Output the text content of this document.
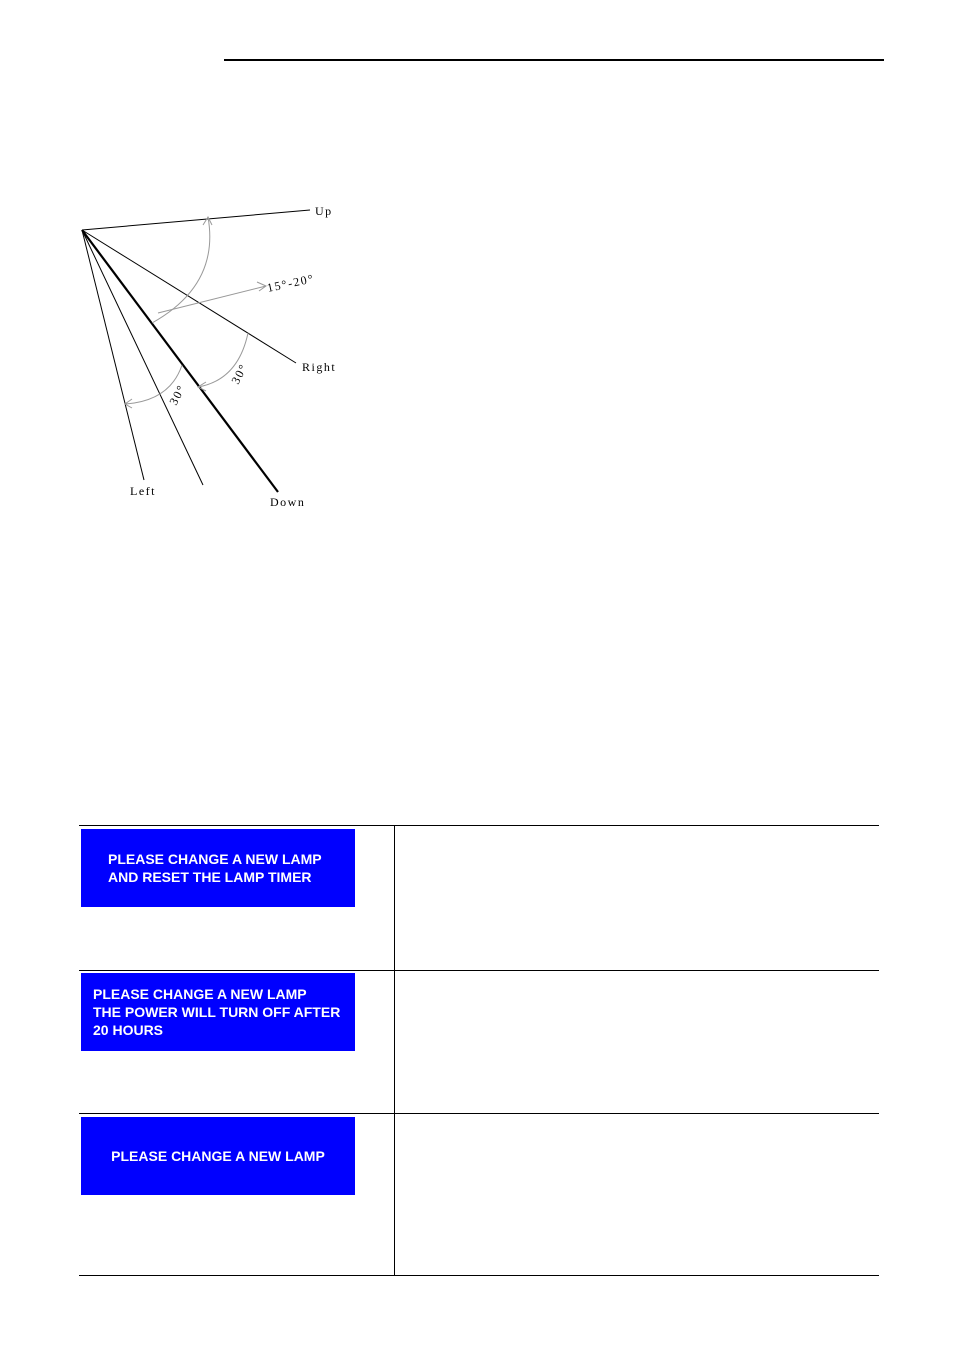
Up
Right
Left
Down
15°-20°
30°
30°
PLEASE CHANGE A NEW LAMP
AND RESET THE LAMP TIMER
PLEASE CHANGE A NEW LAMP
THE POWER WILL TURN OFF AFTER
20 HOURS
PLEASE CHANGE A NEW LAMP
